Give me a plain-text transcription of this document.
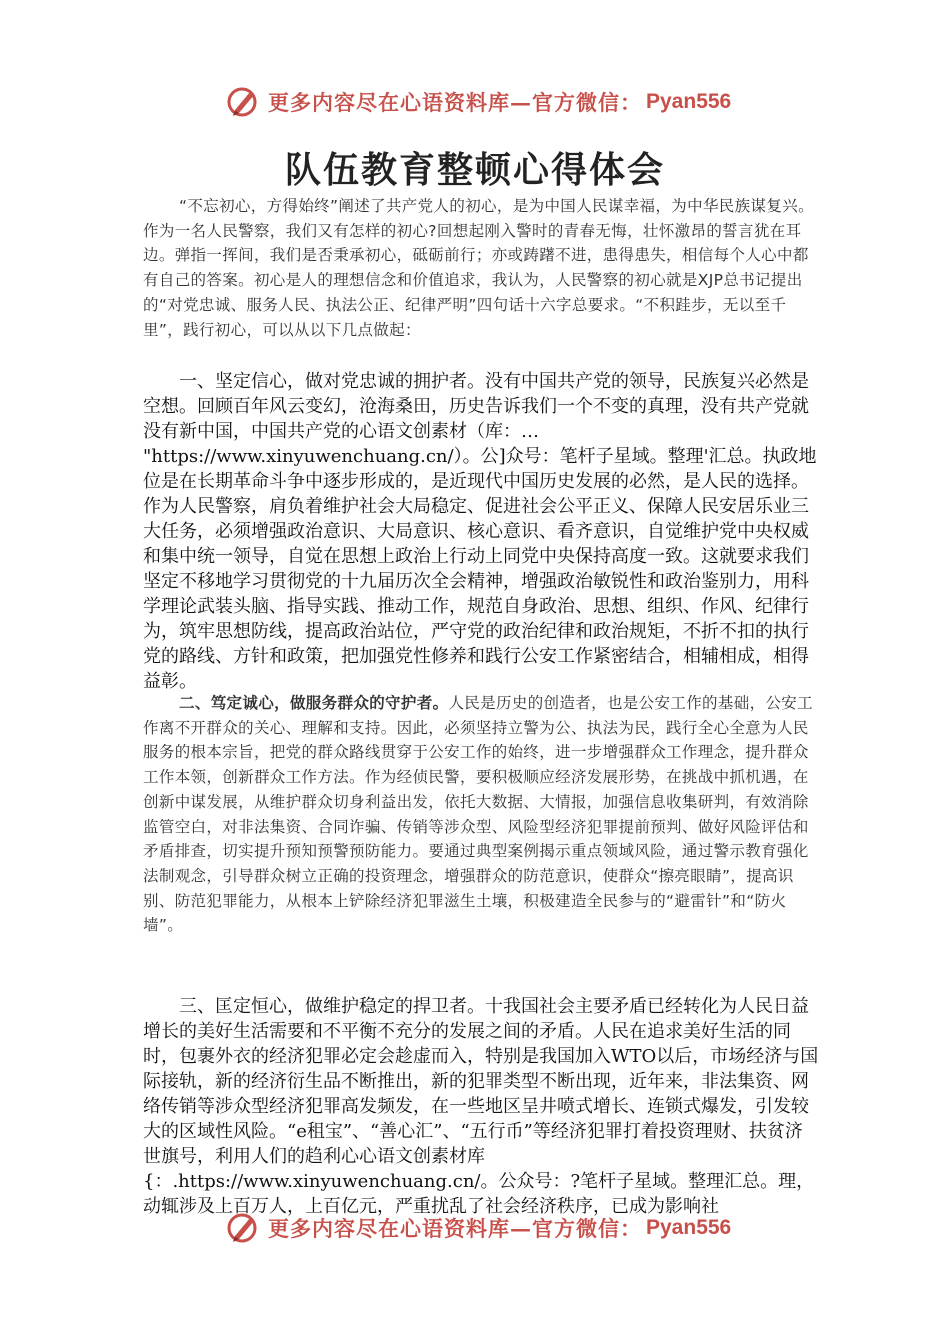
更多内容尽在心语资料库—官方微信： Pyan556
队伍教育整顿心得体会

“不忘初心，方得始终”阐述了共产党人的初心，是为中国人民谋幸福，为中华民族谋复兴。作为一名人民警察，我们又有怎样的初心?回想起刚入警时的青春无悔，壮怀激昂的誓言犹在耳边。弹指一挥间，我们是否秉承初心，砥砺前行；亦或踌躇不进，患得患失，相信每个人心中都有自己的答案。初心是人的理想信念和价值追求，我认为，人民警察的初心就是XJP总书记提出的“对党忠诚、服务人民、执法公正、纪律严明”四句话十六字总要求。“不积跬步，无以至千里”，践行初心，可以从以下几点做起：

一、坚定信心，做对党忠诚的拥护者。没有中国共产党的领导，民族复兴必然是空想。回顾百年风云变幻，沧海桑田，历史告诉我们一个不变的真理，没有共产党就没有新中国，中国共产党的心语文创素材（库：… "https://www.xinyuwenchuang.cn/）。公]众号：笔杆子星域。整理'汇总。执政地位是在长期革命斗争中逐步形成的，是近现代中国历史发展的必然，是人民的选择。作为人民警察，肩负着维护社会大局稳定、促进社会公平正义、保障人民安居乐业三大任务，必须增强政治意识、大局意识、核心意识、看齐意识，自觉维护党中央权威和集中统一领导，自觉在思想上政治上行动上同党中央保持高度一致。这就要求我们坚定不移地学习贯彻党的十九届历次全会精神，增强政治敏锐性和政治鉴别力，用科学理论武装头脑、指导实践、推动工作，规范自身政治、思想、组织、作风、纪律行为，筑牢思想防线，提高政治站位，严守党的政治纪律和政治规矩，不折不扣的执行党的路线、方针和政策，把加强党性修养和践行公安工作紧密结合，相辅相成，相得益彰。

二、笃定诚心，做服务群众的守护者。人民是历史的创造者，也是公安工作的基础，公安工作离不开群众的关心、理解和支持。因此，必须坚持立警为公、执法为民，践行全心全意为人民服务的根本宗旨，把党的群众路线贯穿于公安工作的始终，进一步增强群众工作理念，提升群众工作本领，创新群众工作方法。作为经侦民警，要积极顺应经济发展形势，在挑战中抓机遇，在创新中谋发展，从维护群众切身利益出发，依托大数据、大情报，加强信息收集研判，有效消除监管空白，对非法集资、合同诈骗、传销等涉众型、风险型经济犯罪提前预判、做好风险评估和矛盾排查，切实提升预知预警预防能力。要通过典型案例揭示重点领域风险，通过警示教育强化法制观念，引导群众树立正确的投资理念，增强群众的防范意识，使群众“擦亮眼睛”，提高识别、防范犯罪能力，从根本上铲除经济犯罪滋生土壤，积极建造全民参与的“避雷针”和“防火墙”。

三、匡定恒心，做维护稳定的捍卫者。十我国社会主要矛盾已经转化为人民日益增长的美好生活需要和不平衡不充分的发展之间的矛盾。人民在追求美好生活的同时，包裹外衣的经济犯罪必定会趁虚而入，特别是我国加入WTO以后，市场经济与国际接轨，新的经济衍生品不断推出，新的犯罪类型不断出现，近年来，非法集资、网络传销等涉众型经济犯罪高发频发，在一些地区呈井喷式增长、连锁式爆发，引发较大的区域性风险。“e租宝”、“善心汇”、“五行币”等经济犯罪打着投资理财、扶贫济世旗号，利用人们的趋利心心语文创素材库{：.https://www.xinyuwenchuang.cn/。公众号：?笔杆子星域。整理汇总。理，动辄涉及上百万人，上百亿元，严重扰乱了社会经济秩序，已成为影响社

更多内容尽在心语资料库—官方微信： Pyan556
